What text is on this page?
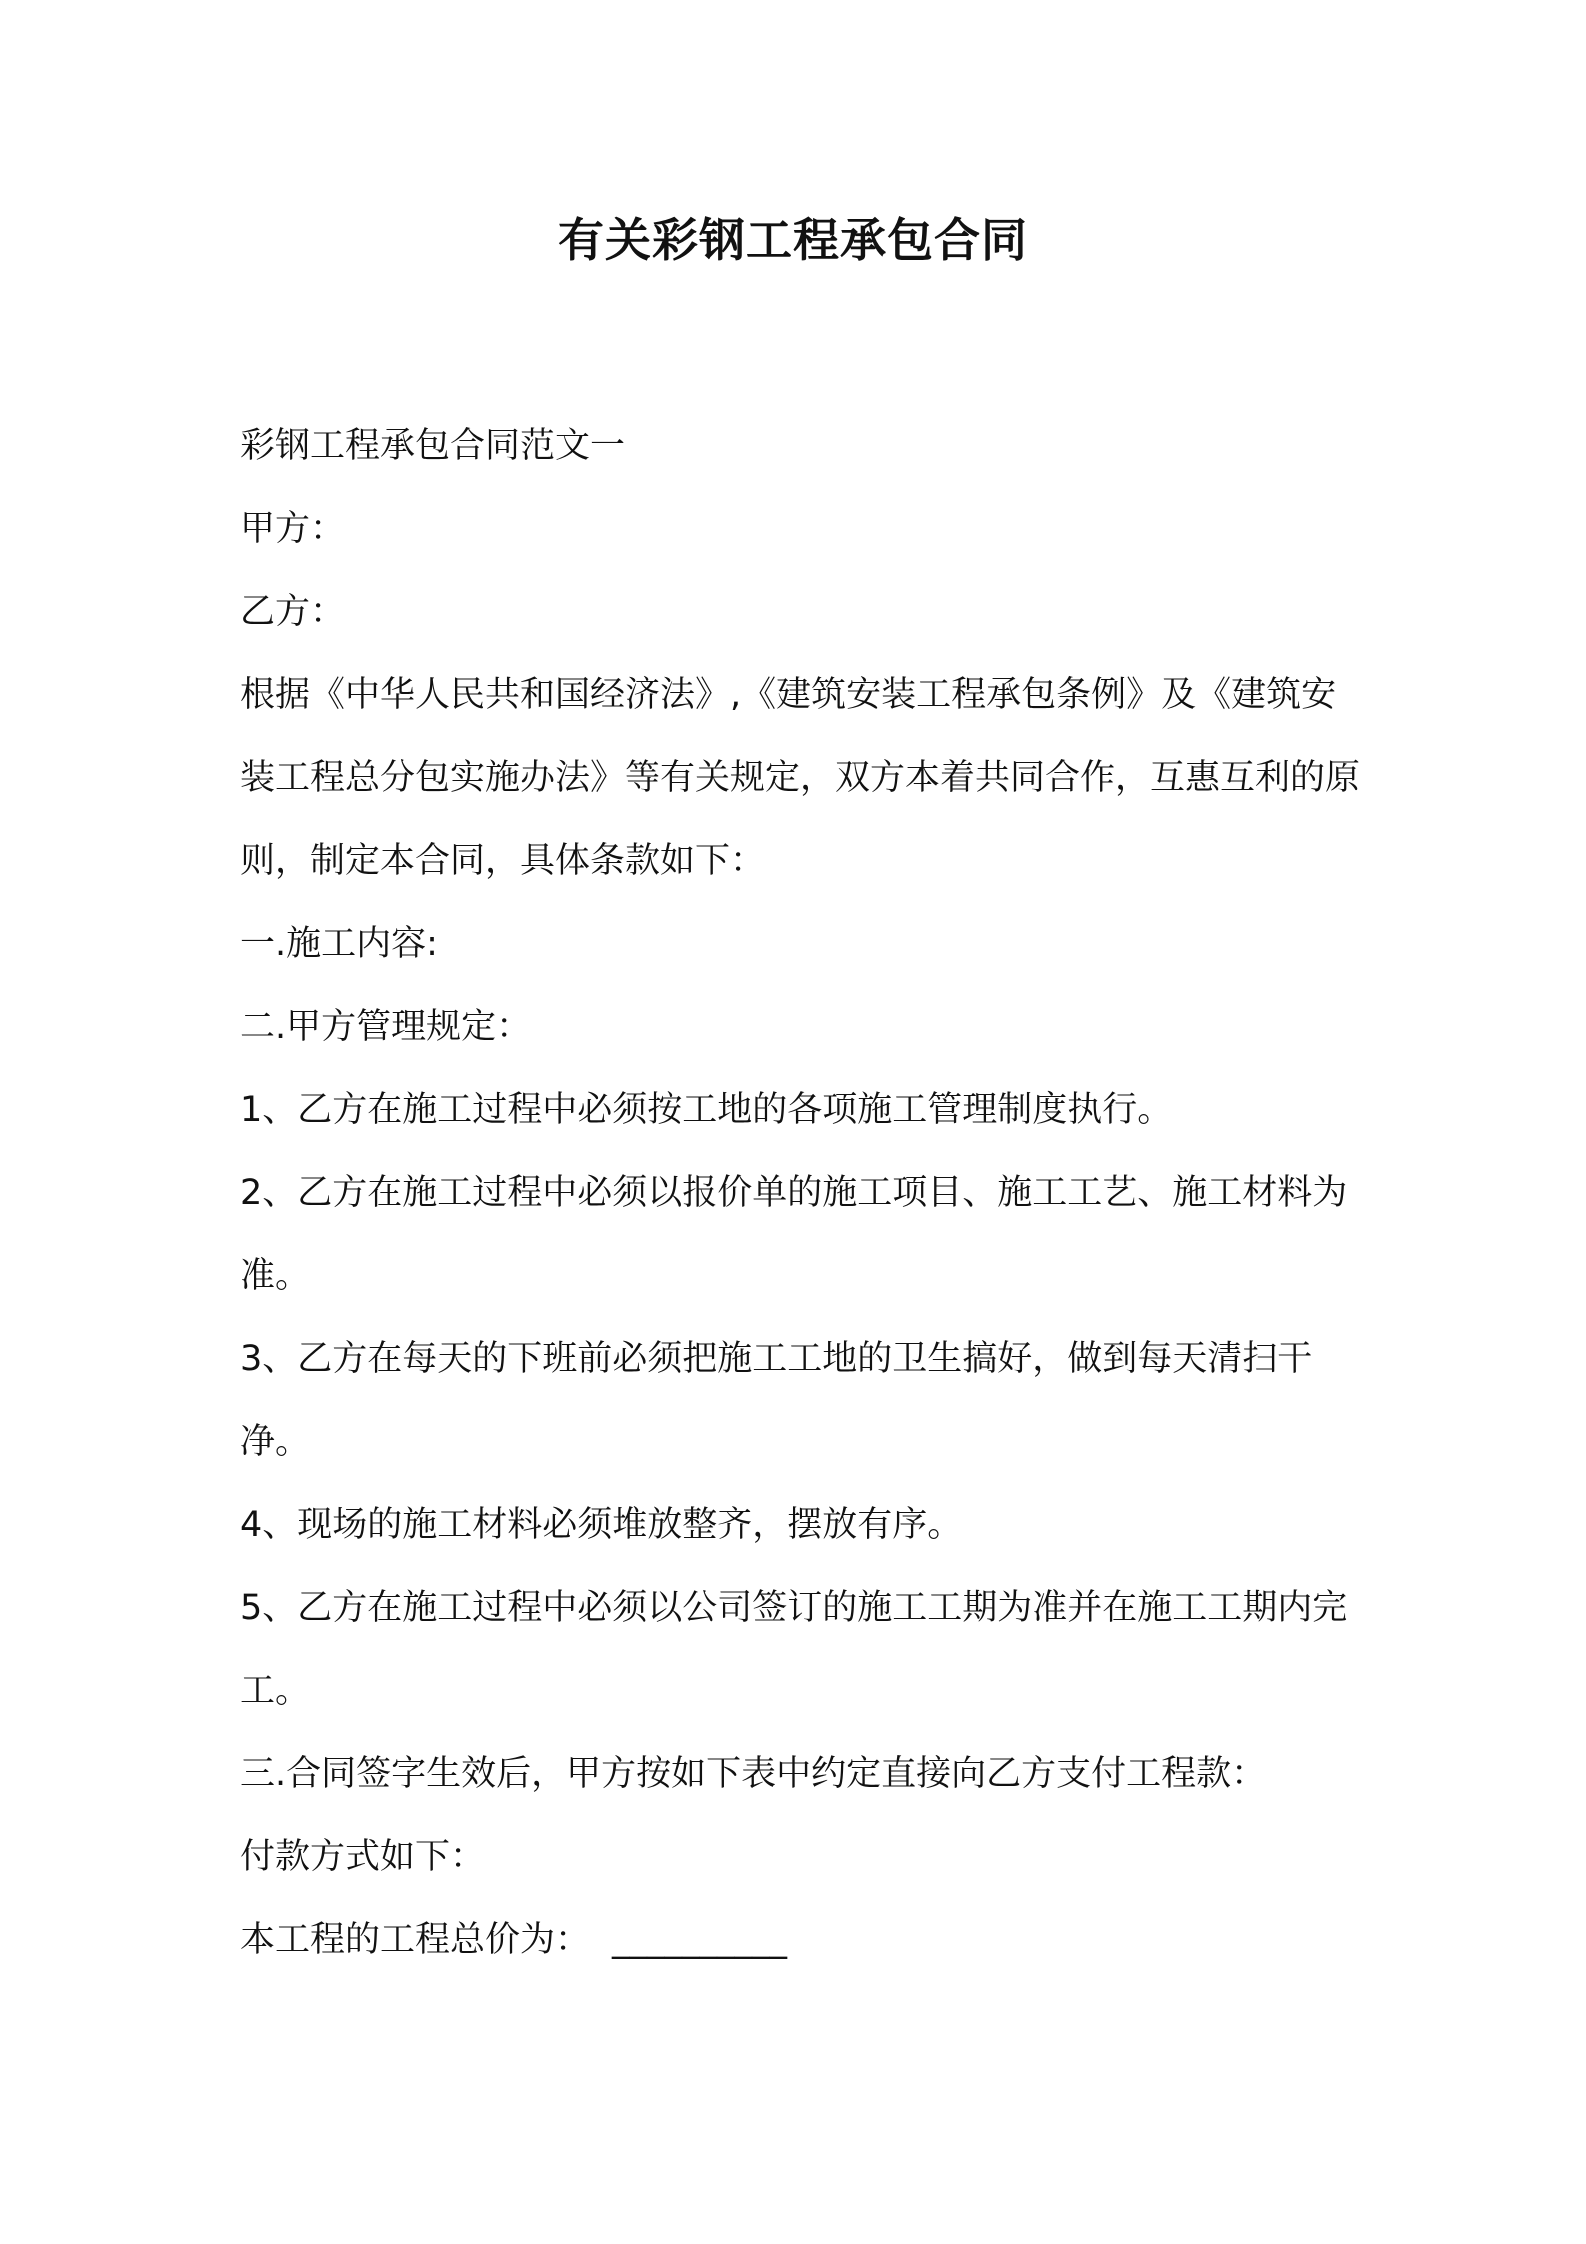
有关彩钢工程承包合同

彩钢工程承包合同范文一

甲方：

乙方：

根据《中华人民共和国经济法》,《建筑安装工程承包条例》及《建筑安装工程总分包实施办法》等有关规定，双方本着共同合作，互惠互利的原则，制定本合同，具体条款如下：

一.施工内容:

二.甲方管理规定：

1、乙方在施工过程中必须按工地的各项施工管理制度执行。

2、乙方在施工过程中必须以报价单的施工项目、施工工艺、施工材料为准。

3、乙方在每天的下班前必须把施工工地的卫生搞好，做到每天清扫干净。

4、现场的施工材料必须堆放整齐，摆放有序。

5、乙方在施工过程中必须以公司签订的施工工期为准并在施工工期内完工。

三.合同签字生效后，甲方按如下表中约定直接向乙方支付工程款：

付款方式如下：

本工程的工程总价为： __________
